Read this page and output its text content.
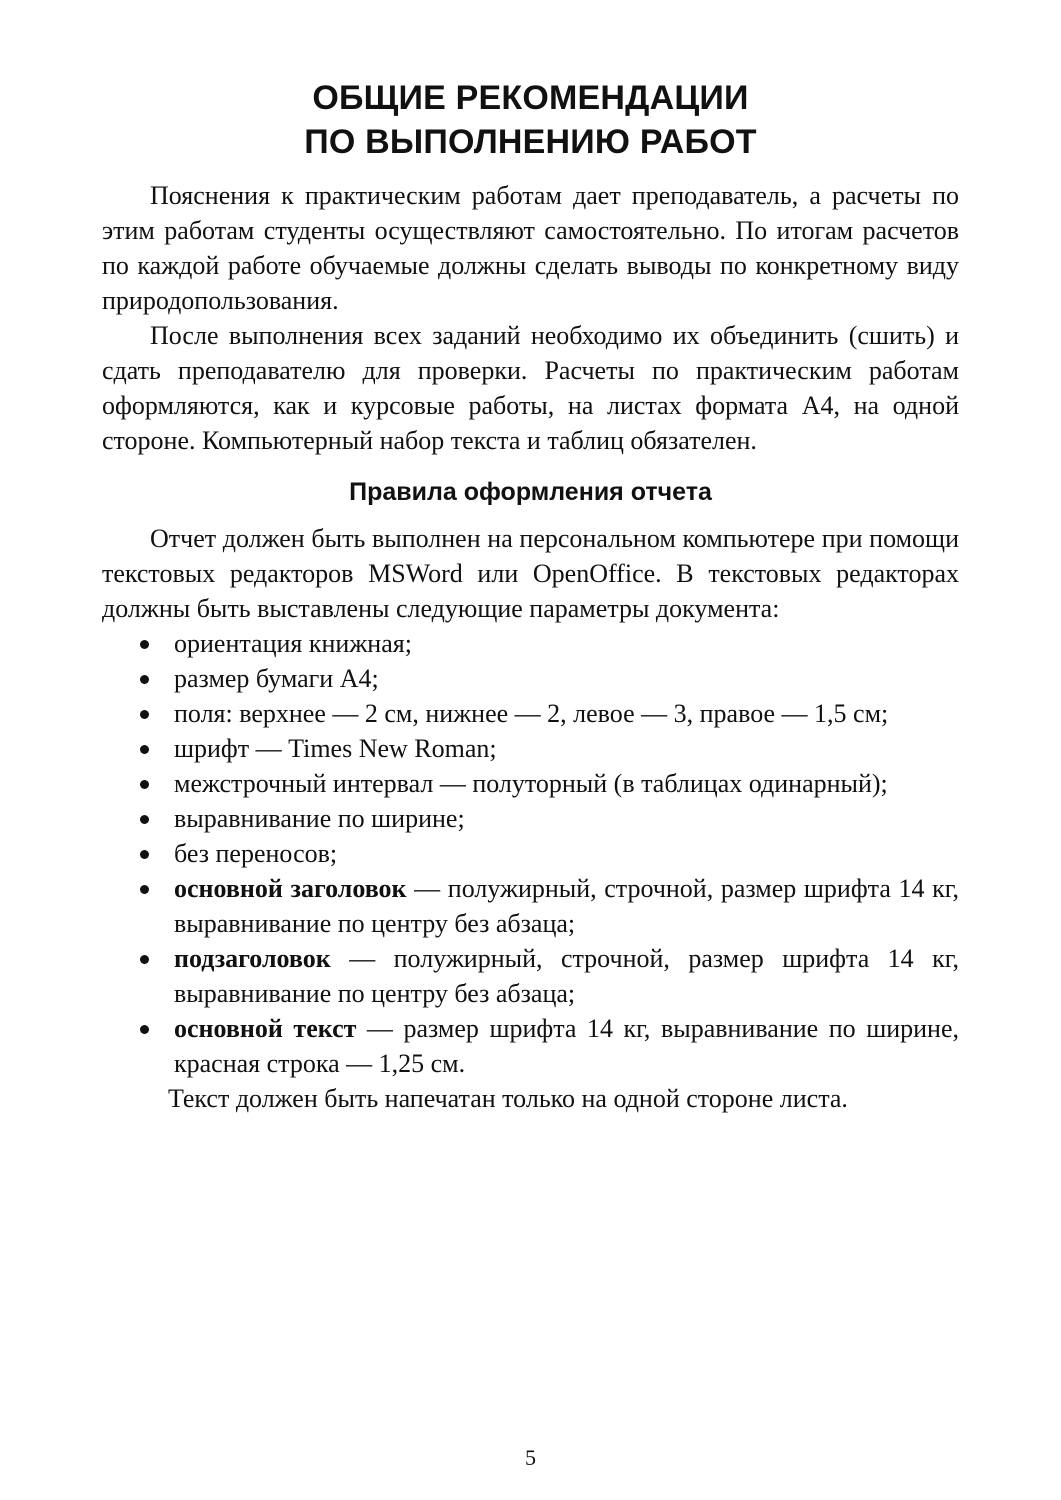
ОБЩИЕ РЕКОМЕНДАЦИИ
ПО ВЫПОЛНЕНИЮ РАБОТ

Пояснения к практическим работам дает преподаватель, а расчеты по этим работам студенты осуществляют самостоятельно. По итогам расчетов по каждой работе обучаемые должны сделать выводы по конкретному виду природопользования.

После выполнения всех заданий необходимо их объединить (сшить) и сдать преподавателю для проверки. Расчеты по практическим работам оформляются, как и курсовые работы, на листах формата А4, на одной стороне. Компьютерный набор текста и таблиц обязателен.

Правила оформления отчета

Отчет должен быть выполнен на персональном компьютере при помощи текстовых редакторов MSWord или OpenOffice. В текстовых редакторах должны быть выставлены следующие параметры документа:

ориентация книжная;
размер бумаги А4;
поля: верхнее — 2 см, нижнее — 2, левое — 3, правое — 1,5 см;
шрифт — Times New Roman;
межстрочный интервал — полуторный (в таблицах одинарный);
выравнивание по ширине;
без переносов;
основной заголовок — полужирный, строчной, размер шрифта 14 кг, выравнивание по центру без абзаца;
подзаголовок — полужирный, строчной, размер шрифта 14 кг, выравнивание по центру без абзаца;
основной текст — размер шрифта 14 кг, выравнивание по ширине, красная строка — 1,25 см.

Текст должен быть напечатан только на одной стороне листа.

5
